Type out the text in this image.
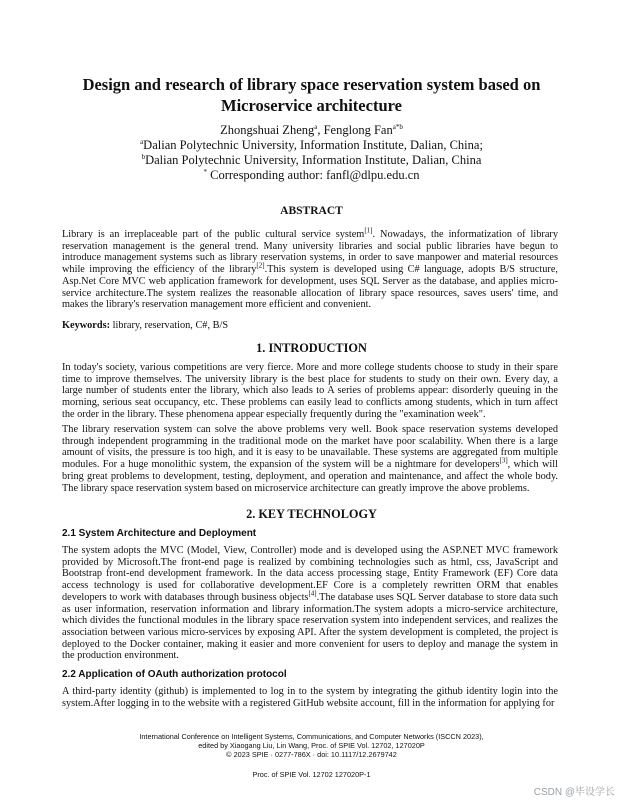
Design and research of library space reservation system based on Microservice architecture
Zhongshuai Zheng$^a$, Fenglong Fan$^{a*b}$
$^a$Dalian Polytechnic University, Information Institute, Dalian, China;
$^b$Dalian Polytechnic University, Information Institute, Dalian, China
* Corresponding author: fanfl@dlpu.edu.cn
ABSTRACT
Library is an irreplaceable part of the public cultural service system[1]. Nowadays, the informatization of library reservation management is the general trend. Many university libraries and social public libraries have begun to introduce management systems such as library reservation systems, in order to save manpower and material resources while improving the efficiency of the library[2].This system is developed using C# language, adopts B/S structure, Asp.Net Core MVC web application framework for development, uses SQL Server as the database, and applies micro-service architecture.The system realizes the reasonable allocation of library space resources, saves users' time, and makes the library's reservation management more efficient and convenient.
Keywords: library, reservation, C#, B/S
1. INTRODUCTION
In today's society, various competitions are very fierce. More and more college students choose to study in their spare time to improve themselves. The university library is the best place for students to study on their own. Every day, a large number of students enter the library, which also leads to A series of problems appear: disorderly queuing in the morning, serious seat occupancy, etc. These problems can easily lead to conflicts among students, which in turn affect the order in the library. These phenomena appear especially frequently during the "examination week".
The library reservation system can solve the above problems very well. Book space reservation systems developed through independent programming in the traditional mode on the market have poor scalability. When there is a large amount of visits, the pressure is too high, and it is easy to be unavailable. These systems are aggregated from multiple modules. For a huge monolithic system, the expansion of the system will be a nightmare for developers[3], which will bring great problems to development, testing, deployment, and operation and maintenance, and affect the whole body. The library space reservation system based on microservice architecture can greatly improve the above problems.
2. KEY TECHNOLOGY
2.1 System Architecture and Deployment
The system adopts the MVC (Model, View, Controller) mode and is developed using the ASP.NET MVC framework provided by Microsoft.The front-end page is realized by combining technologies such as html, css, JavaScript and Bootstrap front-end development framework. In the data access processing stage, Entity Framework (EF) Core data access technology is used for collaborative development.EF Core is a completely rewritten ORM that enables developers to work with databases through business objects[4].The database uses SQL Server database to store data such as user information, reservation information and library information.The system adopts a micro-service architecture, which divides the functional modules in the library space reservation system into independent services, and realizes the association between various micro-services by exposing API. After the system development is completed, the project is deployed to the Docker container, making it easier and more convenient for users to deploy and manage the system in the production environment.
2.2 Application of OAuth authorization protocol
A third-party identity (github) is implemented to log in to the system by integrating the github identity login into the system.After logging in to the website with a registered GitHub website account, fill in the information for applying for
International Conference on Intelligent Systems, Communications, and Computer Networks (ISCCN 2023),
edited by Xiaogang Liu, Lin Wang, Proc. of SPIE Vol. 12702, 127020P
© 2023 SPIE · 0277-786X · doi: 10.1117/12.2679742
Proc. of SPIE Vol. 12702 127020P-1
CSDN @毕设学长
